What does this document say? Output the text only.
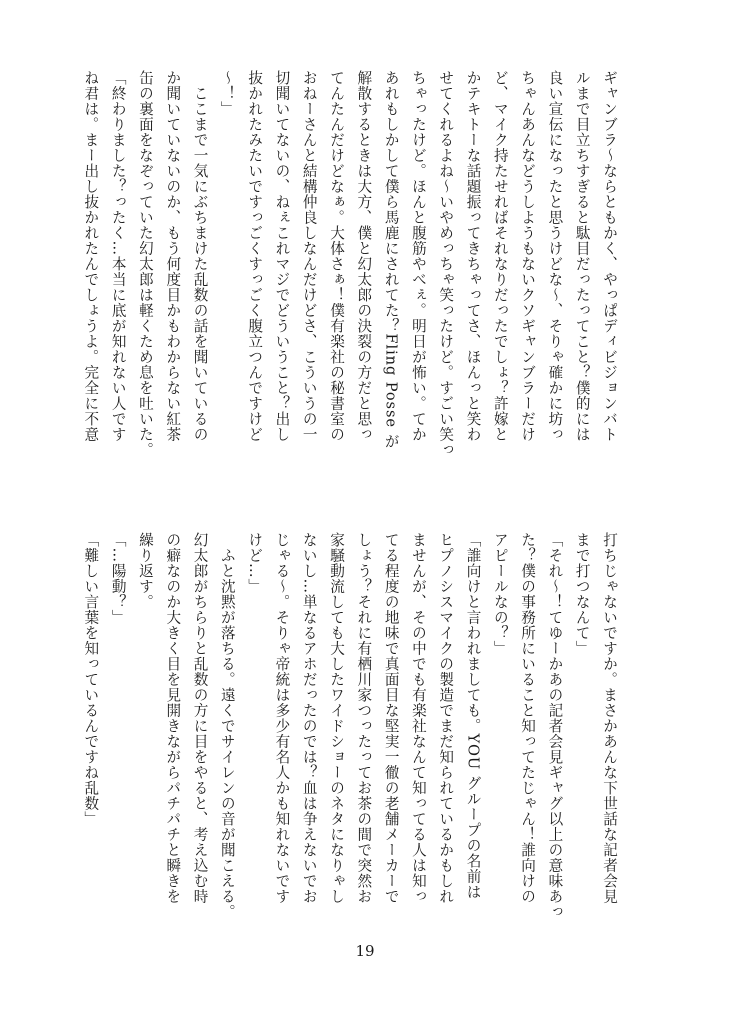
ギャンブラ〜ならともかく、やっぱディビジョンバト
ルまで目立ちすぎると駄目だったってこと？僕的には
良い宣伝になったと思うけどな〜、そりゃ確かに坊っ
ちゃんあんなどうしようもないクソギャンブラーだけ
ど、マイク持たせればそれなりだったでしょ？許嫁と
かテキトーな話題振ってきちゃってさ、ほんっと笑わ
せてくれるよね〜いやめっちゃ笑ったけど。すごい笑っ
ちゃったけど。ほんと腹筋やべぇ。明日が怖い。てか
あれもしかして僕ら馬鹿にされてた？Fling Posse が
解散するときは大方、僕と幻太郎の決裂の方だと思っ
てんたんだけどなぁ。大体さぁ！僕有楽社の秘書室の
おねーさんと結構仲良しなんだけどさ、こういうの一
切聞いてないの、ねぇこれマジでどういうこと？出し
抜かれたみたいですっごくすっごく腹立つんですけど
〜！」
　ここまで一気にぶちまけた乱数の話を聞いているの
か聞いていないのか、もう何度目かもわからない紅茶
缶の裏面をなぞっていた幻太郎は軽くため息を吐いた。
「終わりました？ったく…本当に底が知れない人です
ね君は。まー出し抜かれたんでしょうよ。完全に不意
打ちじゃないですか。まさかあんな下世話な記者会見
まで打つなんて」
「それ〜！てゆーかあの記者会見ギャグ以上の意味あっ
た？僕の事務所にいること知ってたじゃん！誰向けの
アピールなの？」
「誰向けと言われましても。YOU グループの名前は
ヒプノシスマイクの製造でまだ知られているかもしれ
ませんが、その中でも有楽社なんて知ってる人は知っ
てる程度の地味で真面目な堅実一徹の老舗メーカーで
しょう？それに有栖川家つったってお茶の間で突然お
家騒動流しても大したワイドショーのネタになりゃし
ないし…単なるアホだったのでは？血は争えないでお
じゃる〜。そりゃ帝統は多少有名人かも知れないです
けど…」
　ふと沈黙が落ちる。遠くでサイレンの音が聞こえる。
幻太郎がちらりと乱数の方に目をやると、考え込む時
の癖なのか大きく目を見開きながらパチパチと瞬きを
繰り返す。
「…陽動？」
「難しい言葉を知っているんですね乱数」
19
